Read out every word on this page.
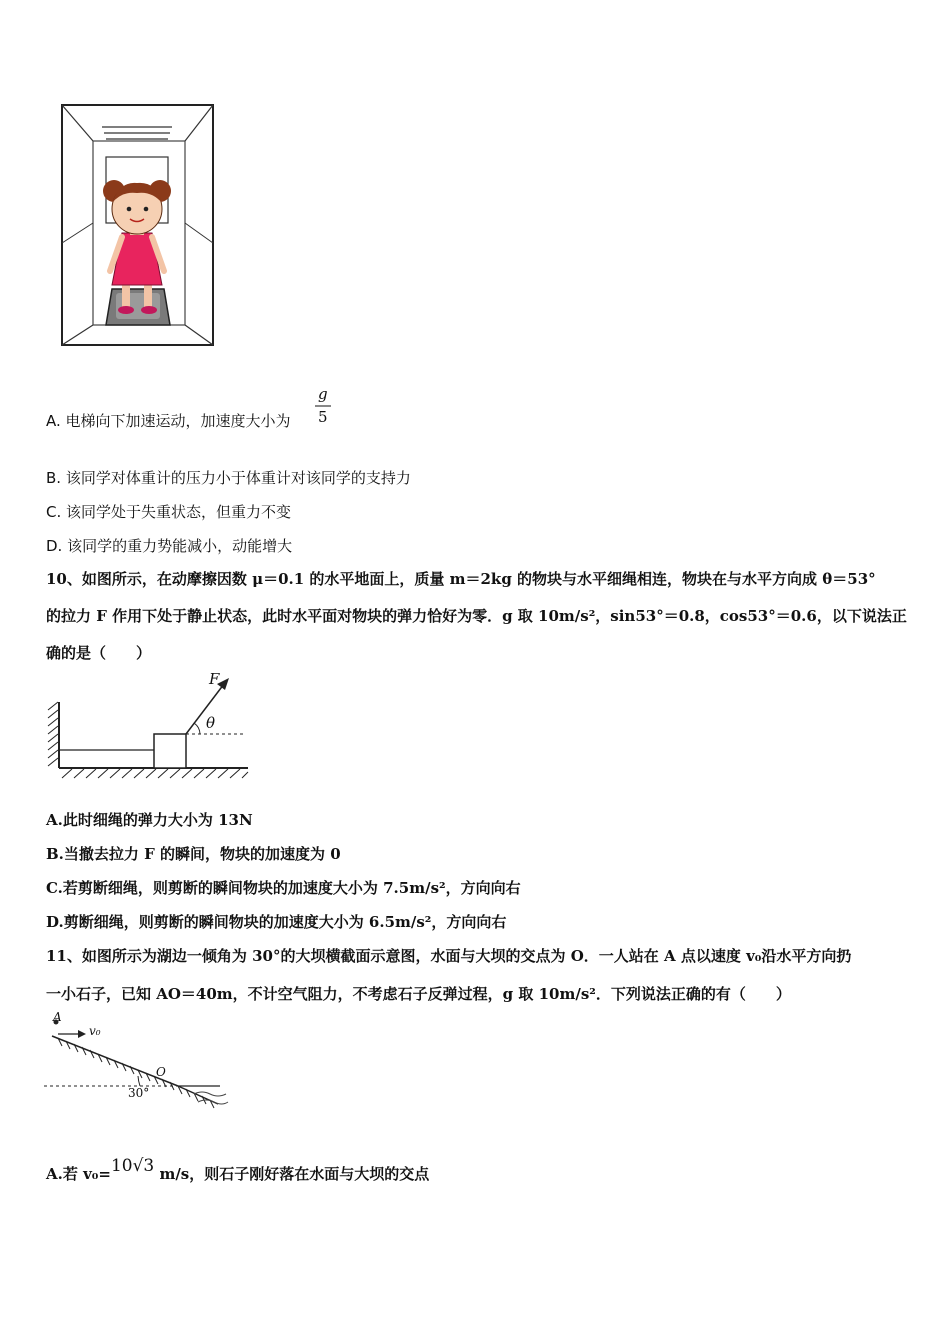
A. 电梯向下加速运动，加速度大小为
g
5
B. 该同学对体重计的压力小于体重计对该同学的支持力
C. 该同学处于失重状态，但重力不变
D. 该同学的重力势能减小，动能增大
10、如图所示，在动摩擦因数 μ＝0.1 的水平地面上，质量 m＝2kg 的物块与水平细绳相连，物块在与水平方向成 θ＝53°
的拉力 F 作用下处于静止状态，此时水平面对物块的弹力恰好为零．g 取 10m/s²，sin53°＝0.8，cos53°＝0.6，以下说法正
确的是（　　）
F
θ
A.此时细绳的弹力大小为 13N
B.当撤去拉力 F 的瞬间，物块的加速度为 0
C.若剪断细绳，则剪断的瞬间物块的加速度大小为 7.5m/s²，方向向右
D.剪断细绳，则剪断的瞬间物块的加速度大小为 6.5m/s²，方向向右
11、如图所示为湖边一倾角为 30°的大坝横截面示意图，水面与大坝的交点为 O．一人站在 A 点以速度 v₀沿水平方向扔
一小石子，已知 AO＝40m，不计空气阻力，不考虑石子反弹过程，g 取 10m/s²．下列说法正确的有（　　）
A
v₀
O
30°
A.若 v₀=10√3 m/s，则石子刚好落在水面与大坝的交点
